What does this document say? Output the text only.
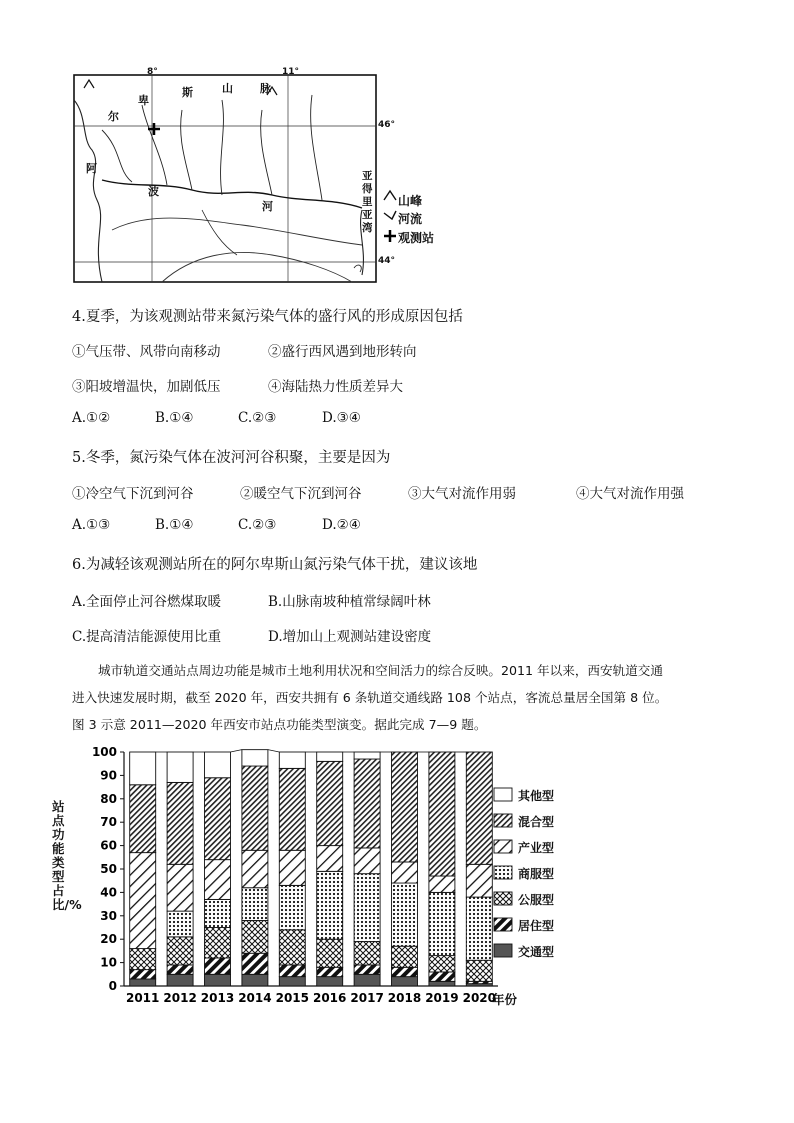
8°	11°
46°
44°
阿
尔
卑
斯	山 脉
波
河
亚得里亚湾
山峰
河流
观测站
4.夏季，为该观测站带来氮污染气体的盛行风的形成原因包括
①气压带、风带向南移动	②盛行西风遇到地形转向
③阳坡增温快，加剧低压	④海陆热力性质差异大
A.①②	B.①④	C.②③	D.③④
5.冬季，氮污染气体在波河河谷积聚，主要是因为
①冷空气下沉到河谷	②暖空气下沉到河谷	③大气对流作用弱	④大气对流作用强
A.①③	B.①④	C.②③	D.②④
6.为减轻该观测站所在的阿尔卑斯山氮污染气体干扰，建议该地
A.全面停止河谷燃煤取暖	B.山脉南坡种植常绿阔叶林
C.提高清洁能源使用比重	D.增加山上观测站建设密度
城市轨道交通站点周边功能是城市土地利用状况和空间活力的综合反映。2011 年以来，西安轨道交通
进入快速发展时期，截至 2020 年，西安共拥有 6 条轨道交通线路 108 个站点，客流总量居全国第 8 位。
图 3 示意 2011—2020 年西安市站点功能类型演变。据此完成 7—9 题。
0
10
20
30
40
50
60
70
80
90
100
2011 2012 2013 2014 2015 2016 2017 2018 2019 2020
站点功能类型占比/%
年份
其他型
混合型
产业型
商服型
公服型
居住型
交通型
